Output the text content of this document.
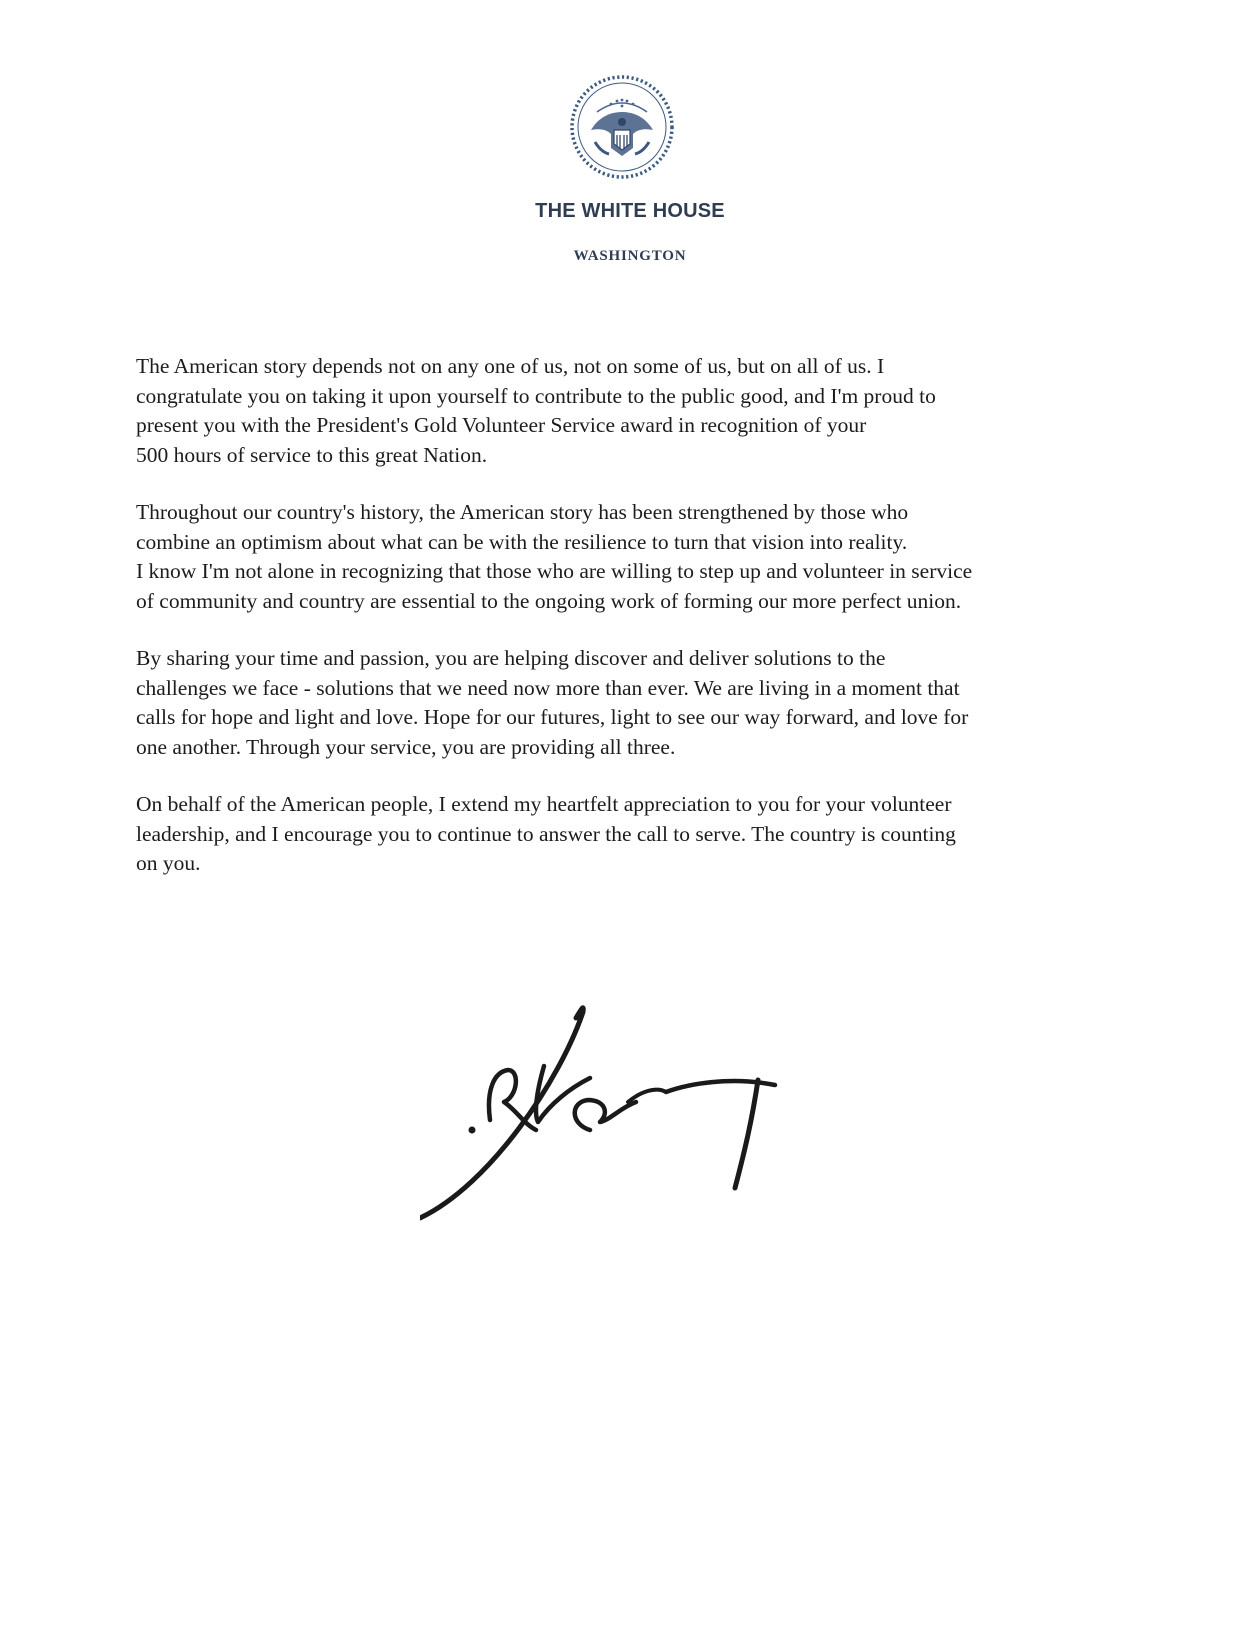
THE WHITE HOUSE
WASHINGTON

The American story depends not on any one of us, not on some of us, but on all of us. I
congratulate you on taking it upon yourself to contribute to the public good, and I'm proud to
present you with the President's Gold Volunteer Service award in recognition of your
500 hours of service to this great Nation.

Throughout our country's history, the American story has been strengthened by those who
combine an optimism about what can be with the resilience to turn that vision into reality.
I know I'm not alone in recognizing that those who are willing to step up and volunteer in service
of community and country are essential to the ongoing work of forming our more perfect union.

By sharing your time and passion, you are helping discover and deliver solutions to the
challenges we face - solutions that we need now more than ever. We are living in a moment that
calls for hope and light and love. Hope for our futures, light to see our way forward, and love for
one another. Through your service, you are providing all three.

On behalf of the American people, I extend my heartfelt appreciation to you for your volunteer
leadership, and I encourage you to continue to answer the call to serve. The country is counting
on you.
